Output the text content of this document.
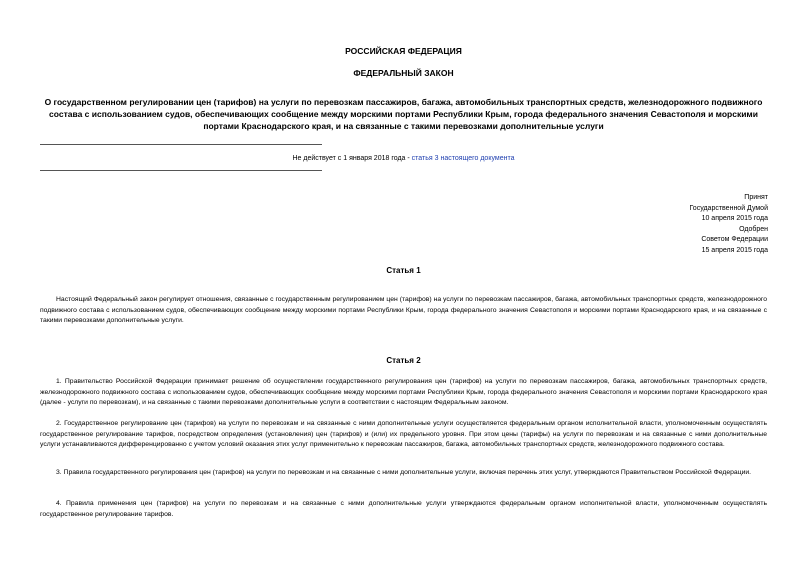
РОССИЙСКАЯ ФЕДЕРАЦИЯ
ФЕДЕРАЛЬНЫЙ ЗАКОН
О государственном регулировании цен (тарифов) на услуги по перевозкам пассажиров, багажа, автомобильных транспортных средств, железнодорожного подвижного состава с использованием судов, обеспечивающих сообщение между морскими портами Республики Крым, города федерального значения Севастополя и морскими портами Краснодарского края, и на связанные с такими перевозками дополнительные услуги
Не действует с 1 января 2018 года - статья 3 настоящего документа
Принят
Государственной Думой
10 апреля 2015 года
Одобрен
Советом Федерации
15 апреля 2015 года
Статья 1

Настоящий Федеральный закон регулирует отношения, связанные с государственным регулированием цен (тарифов) на услуги по перевозкам пассажиров, багажа, автомобильных транспортных средств, железнодорожного подвижного состава с использованием судов, обеспечивающих сообщение между морскими портами Республики Крым, города федерального значения Севастополя и морскими портами Краснодарского края, и на связанные с такими перевозками дополнительные услуги.

Статья 2

1. Правительство Российской Федерации принимает решение об осуществлении государственного регулирования цен (тарифов) на услуги по перевозкам пассажиров, багажа, автомобильных транспортных средств, железнодорожного подвижного состава с использованием судов, обеспечивающих сообщение между морскими портами Республики Крым, города федерального значения Севастополя и морскими портами Краснодарского края (далее - услуги по перевозкам), и на связанные с такими перевозками дополнительные услуги в соответствии с настоящим Федеральным законом.

2. Государственное регулирование цен (тарифов) на услуги по перевозкам и на связанные с ними дополнительные услуги осуществляется федеральным органом исполнительной власти, уполномоченным осуществлять государственное регулирование тарифов, посредством определения (установления) цен (тарифов) и (или) их предельного уровня. При этом цены (тарифы) на услуги по перевозкам и на связанные с ними дополнительные услуги устанавливаются дифференцированно с учетом условий оказания этих услуг применительно к перевозкам пассажиров, багажа, автомобильных транспортных средств, железнодорожного подвижного состава.

3. Правила государственного регулирования цен (тарифов) на услуги по перевозкам и на связанные с ними дополнительные услуги, включая перечень этих услуг, утверждаются Правительством Российской Федерации.

4. Правила применения цен (тарифов) на услуги по перевозкам и на связанные с ними дополнительные услуги утверждаются федеральным органом исполнительной власти, уполномоченным осуществлять государственное регулирование тарифов.
